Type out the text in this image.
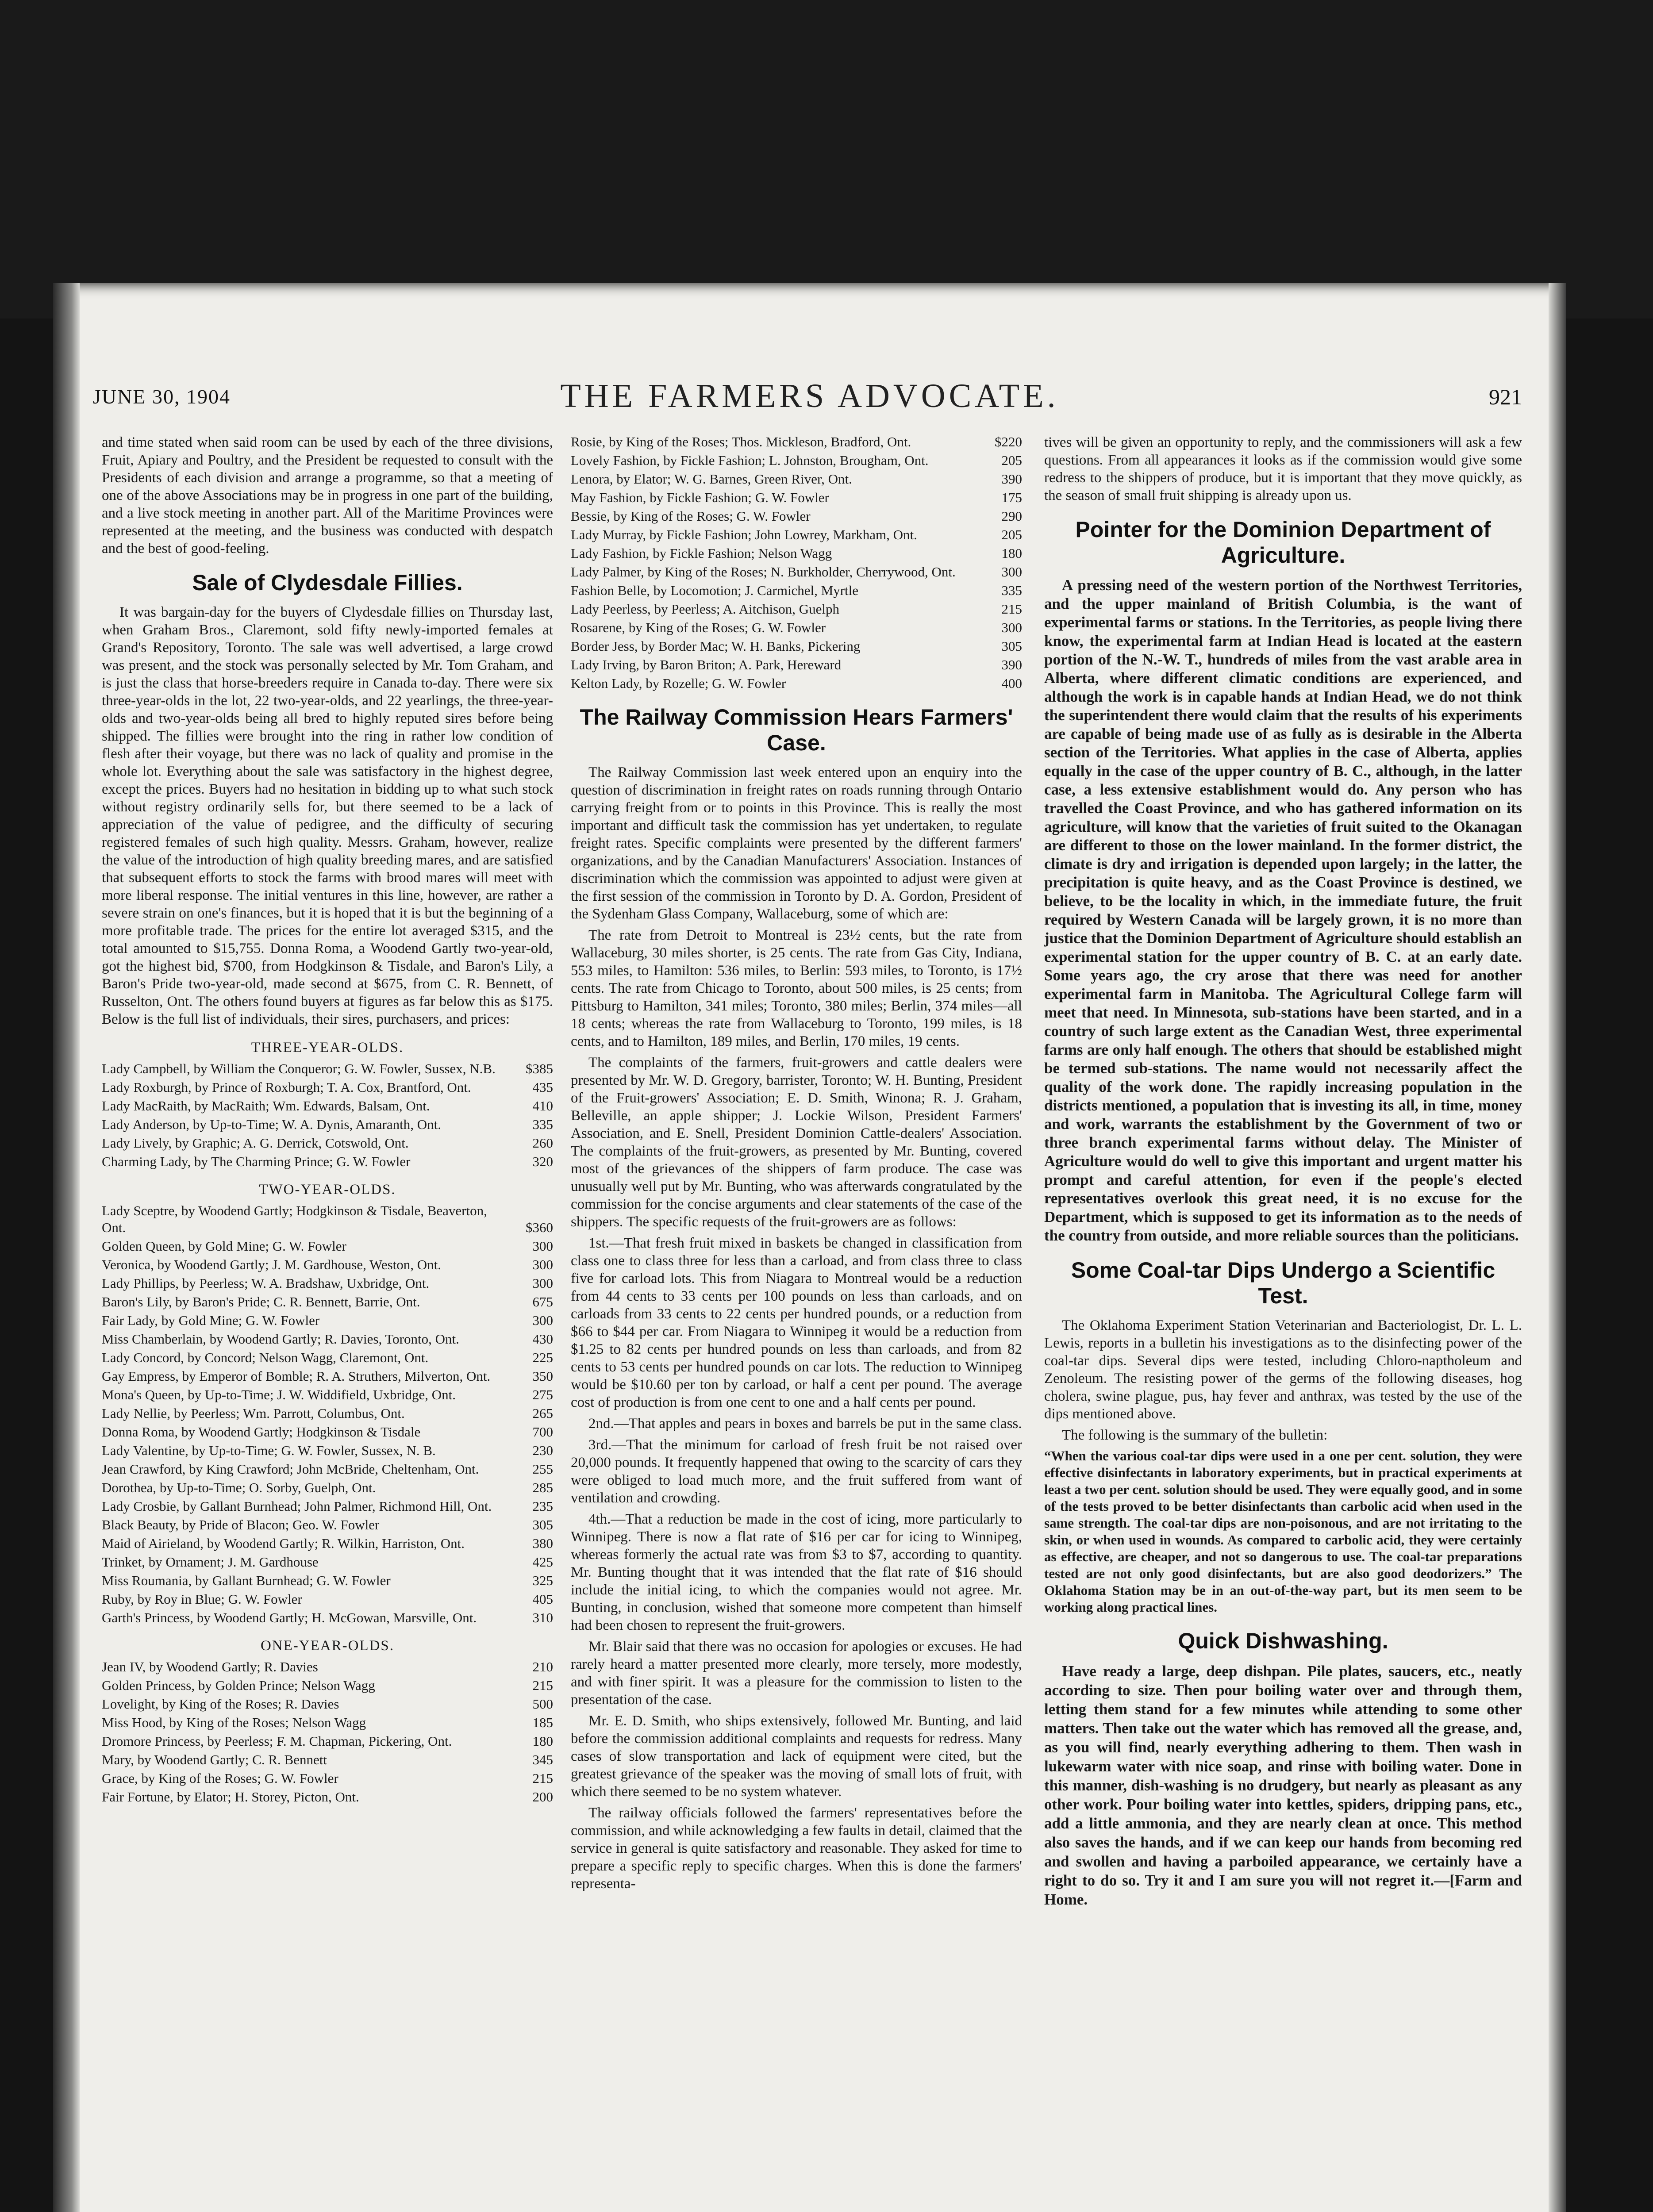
JUNE 30, 1904	THE FARMERS ADVOCATE.	921

and time stated when said room can be used by each of the three divisions, Fruit, Apiary and Poultry, and the President be requested to consult with the Presidents of each division and arrange a programme, so that a meeting of one of the above Associations may be in progress in one part of the building, and a live stock meeting in another part. All of the Maritime Provinces were represented at the meeting, and the business was conducted with despatch and the best of good-feeling.

Sale of Clydesdale Fillies.

It was bargain-day for the buyers of Clydesdale fillies on Thursday last, when Graham Bros., Claremont, sold fifty newly-imported females at Grand's Repository, Toronto. The sale was well advertised, a large crowd was present, and the stock was personally selected by Mr. Tom Graham, and is just the class that horse-breeders require in Canada to-day. There were six three-year-olds in the lot, 22 two-year-olds, and 22 yearlings, the three-year-olds and two-year-olds being all bred to highly reputed sires before being shipped. The fillies were brought into the ring in rather low condition of flesh after their voyage, but there was no lack of quality and promise in the whole lot. Everything about the sale was satisfactory in the highest degree, except the prices. Buyers had no hesitation in bidding up to what such stock without registry ordinarily sells for, but there seemed to be a lack of appreciation of the value of pedigree, and the difficulty of securing registered females of such high quality. Messrs. Graham, however, realize the value of the introduction of high quality breeding mares, and are satisfied that subsequent efforts to stock the farms with brood mares will meet with more liberal response. The initial ventures in this line, however, are rather a severe strain on one's finances, but it is hoped that it is but the beginning of a more profitable trade. The prices for the entire lot averaged $315, and the total amounted to $15,755. Donna Roma, a Woodend Gartly two-year-old, got the highest bid, $700, from Hodgkinson & Tisdale, and Baron's Lily, a Baron's Pride two-year-old, made second at $675, from C. R. Bennett, of Russelton, Ont. The others found buyers at figures as far below this as $175. Below is the full list of individuals, their sires, purchasers, and prices:

THREE-YEAR-OLDS.
Lady Campbell, by William the Conqueror; G. W. Fowler, Sussex, N.B.	$385
Lady Roxburgh, by Prince of Roxburgh; T. A. Cox, Brantford, Ont.	435
Lady MacRaith, by MacRaith; Wm. Edwards, Balsam, Ont.	410
Lady Anderson, by Up-to-Time; W. A. Dynis, Amaranth, Ont.	335
Lady Lively, by Graphic; A. G. Derrick, Cotswold, Ont.	260
Charming Lady, by The Charming Prince; G. W. Fowler	320
TWO-YEAR-OLDS.
Lady Sceptre, by Woodend Gartly; Hodgkinson & Tisdale, Beaverton, Ont.	$360
Golden Queen, by Gold Mine; G. W. Fowler	300
Veronica, by Woodend Gartly; J. M. Gardhouse, Weston, Ont.	300
Lady Phillips, by Peerless; W. A. Bradshaw, Uxbridge, Ont.	300
Baron's Lily, by Baron's Pride; C. R. Bennett, Barrie, Ont.	675
Fair Lady, by Gold Mine; G. W. Fowler	300
Miss Chamberlain, by Woodend Gartly; R. Davies, Toronto, Ont.	430
Lady Concord, by Concord; Nelson Wagg, Claremont, Ont.	225
Gay Empress, by Emperor of Bomble; R. A. Struthers, Milverton, Ont.	350
Mona's Queen, by Up-to-Time; J. W. Widdifield, Uxbridge, Ont.	275
Lady Nellie, by Peerless; Wm. Parrott, Columbus, Ont.	265
Donna Roma, by Woodend Gartly; Hodgkinson & Tisdale	700
Lady Valentine, by Up-to-Time; G. W. Fowler, Sussex, N. B.	230
Jean Crawford, by King Crawford; John McBride, Cheltenham, Ont.	255
Dorothea, by Up-to-Time; O. Sorby, Guelph, Ont.	285
Lady Crosbie, by Gallant Burnhead; John Palmer, Richmond Hill, Ont.	235
Black Beauty, by Pride of Blacon; Geo. W. Fowler	305
Maid of Airieland, by Woodend Gartly; R. Wilkin, Harriston, Ont.	380
Trinket, by Ornament; J. M. Gardhouse	425
Miss Roumania, by Gallant Burnhead; G. W. Fowler	325
Ruby, by Roy in Blue; G. W. Fowler	405
Garth's Princess, by Woodend Gartly; H. McGowan, Marsville, Ont.	310
ONE-YEAR-OLDS.
Jean IV, by Woodend Gartly; R. Davies	210
Golden Princess, by Golden Prince; Nelson Wagg	215
Lovelight, by King of the Roses; R. Davies	500
Miss Hood, by King of the Roses; Nelson Wagg	185
Dromore Princess, by Peerless; F. M. Chapman, Pickering, Ont.	180
Mary, by Woodend Gartly; C. R. Bennett	345
Grace, by King of the Roses; G. W. Fowler	215
Fair Fortune, by Elator; H. Storey, Picton, Ont.	200
Rosie, by King of the Roses; Thos. Mickleson, Bradford, Ont.	$220
Lovely Fashion, by Fickle Fashion; L. Johnston, Brougham, Ont.	205
Lenora, by Elator; W. G. Barnes, Green River, Ont.	390
May Fashion, by Fickle Fashion; G. W. Fowler	175
Bessie, by King of the Roses; G. W. Fowler	290
Lady Murray, by Fickle Fashion; John Lowrey, Markham, Ont.	205
Lady Fashion, by Fickle Fashion; Nelson Wagg	180
Lady Palmer, by King of the Roses; N. Burkholder, Cherrywood, Ont.	300
Fashion Belle, by Locomotion; J. Carmichel, Myrtle	335
Lady Peerless, by Peerless; A. Aitchison, Guelph	215
Rosarene, by King of the Roses; G. W. Fowler	300
Border Jess, by Border Mac; W. H. Banks, Pickering	305
Lady Irving, by Baron Briton; A. Park, Hereward	390
Kelton Lady, by Rozelle; G. W. Fowler	400
The Railway Commission Hears Farmers' Case.

The Railway Commission last week entered upon an enquiry into the question of discrimination in freight rates on roads running through Ontario carrying freight from or to points in this Province. This is really the most important and difficult task the commission has yet undertaken, to regulate freight rates. Specific complaints were presented by the different farmers' organizations, and by the Canadian Manufacturers' Association. Instances of discrimination which the commission was appointed to adjust were given at the first session of the commission in Toronto by D. A. Gordon, President of the Sydenham Glass Company, Wallaceburg, some of which are:

The rate from Detroit to Montreal is 23½ cents, but the rate from Wallaceburg, 30 miles shorter, is 25 cents. The rate from Gas City, Indiana, 553 miles, to Hamilton: 536 miles, to Berlin: 593 miles, to Toronto, is 17½ cents. The rate from Chicago to Toronto, about 500 miles, is 25 cents; from Pittsburg to Hamilton, 341 miles; Toronto, 380 miles; Berlin, 374 miles—all 18 cents; whereas the rate from Wallaceburg to Toronto, 199 miles, is 18 cents, and to Hamilton, 189 miles, and Berlin, 170 miles, 19 cents.

The complaints of the farmers, fruit-growers and cattle dealers were presented by Mr. W. D. Gregory, barrister, Toronto; W. H. Bunting, President of the Fruit-growers' Association; E. D. Smith, Winona; R. J. Graham, Belleville, an apple shipper; J. Lockie Wilson, President Farmers' Association, and E. Snell, President Dominion Cattle-dealers' Association. The complaints of the fruit-growers, as presented by Mr. Bunting, covered most of the grievances of the shippers of farm produce. The case was unusually well put by Mr. Bunting, who was afterwards congratulated by the commission for the concise arguments and clear statements of the case of the shippers. The specific requests of the fruit-growers are as follows:

1st.—That fresh fruit mixed in baskets be changed in classification from class one to class three for less than a carload, and from class three to class five for carload lots. This from Niagara to Montreal would be a reduction from 44 cents to 33 cents per 100 pounds on less than carloads, and on carloads from 33 cents to 22 cents per hundred pounds, or a reduction from $66 to $44 per car. From Niagara to Winnipeg it would be a reduction from $1.25 to 82 cents per hundred pounds on less than carloads, and from 82 cents to 53 cents per hundred pounds on car lots. The reduction to Winnipeg would be $10.60 per ton by carload, or half a cent per pound. The average cost of production is from one cent to one and a half cents per pound.

2nd.—That apples and pears in boxes and barrels be put in the same class.

3rd.—That the minimum for carload of fresh fruit be not raised over 20,000 pounds. It frequently happened that owing to the scarcity of cars they were obliged to load much more, and the fruit suffered from want of ventilation and crowding.

4th.—That a reduction be made in the cost of icing, more particularly to Winnipeg. There is now a flat rate of $16 per car for icing to Winnipeg, whereas formerly the actual rate was from $3 to $7, according to quantity. Mr. Bunting thought that it was intended that the flat rate of $16 should include the initial icing, to which the companies would not agree. Mr. Bunting, in conclusion, wished that someone more competent than himself had been chosen to represent the fruit-growers.

Mr. Blair said that there was no occasion for apologies or excuses. He had rarely heard a matter presented more clearly, more tersely, more modestly, and with finer spirit. It was a pleasure for the commission to listen to the presentation of the case.

Mr. E. D. Smith, who ships extensively, followed Mr. Bunting, and laid before the commission additional complaints and requests for redress. Many cases of slow transportation and lack of equipment were cited, but the greatest grievance of the speaker was the moving of small lots of fruit, with which there seemed to be no system whatever.

The railway officials followed the farmers' representatives before the commission, and while acknowledging a few faults in detail, claimed that the service in general is quite satisfactory and reasonable. They asked for time to prepare a specific reply to specific charges. When this is done the farmers' representa-

tives will be given an opportunity to reply, and the commissioners will ask a few questions. From all appearances it looks as if the commission would give some redress to the shippers of produce, but it is important that they move quickly, as the season of small fruit shipping is already upon us.

Pointer for the Dominion Department of Agriculture.

A pressing need of the western portion of the Northwest Territories, and the upper mainland of British Columbia, is the want of experimental farms or stations. In the Territories, as people living there know, the experimental farm at Indian Head is located at the eastern portion of the N.-W. T., hundreds of miles from the vast arable area in Alberta, where different climatic conditions are experienced, and although the work is in capable hands at Indian Head, we do not think the superintendent there would claim that the results of his experiments are capable of being made use of as fully as is desirable in the Alberta section of the Territories. What applies in the case of Alberta, applies equally in the case of the upper country of B. C., although, in the latter case, a less extensive establishment would do. Any person who has travelled the Coast Province, and who has gathered information on its agriculture, will know that the varieties of fruit suited to the Okanagan are different to those on the lower mainland. In the former district, the climate is dry and irrigation is depended upon largely; in the latter, the precipitation is quite heavy, and as the Coast Province is destined, we believe, to be the locality in which, in the immediate future, the fruit required by Western Canada will be largely grown, it is no more than justice that the Dominion Department of Agriculture should establish an experimental station for the upper country of B. C. at an early date. Some years ago, the cry arose that there was need for another experimental farm in Manitoba. The Agricultural College farm will meet that need. In Minnesota, sub-stations have been started, and in a country of such large extent as the Canadian West, three experimental farms are only half enough. The others that should be established might be termed sub-stations. The name would not necessarily affect the quality of the work done. The rapidly increasing population in the districts mentioned, a population that is investing its all, in time, money and work, warrants the establishment by the Government of two or three branch experimental farms without delay. The Minister of Agriculture would do well to give this important and urgent matter his prompt and careful attention, for even if the people's elected representatives overlook this great need, it is no excuse for the Department, which is supposed to get its information as to the needs of the country from outside, and more reliable sources than the politicians.

Some Coal-tar Dips Undergo a Scientific Test.

The Oklahoma Experiment Station Veterinarian and Bacteriologist, Dr. L. L. Lewis, reports in a bulletin his investigations as to the disinfecting power of the coal-tar dips. Several dips were tested, including Chloro-naptholeum and Zenoleum. The resisting power of the germs of the following diseases, hog cholera, swine plague, pus, hay fever and anthrax, was tested by the use of the dips mentioned above.

The following is the summary of the bulletin:

“When the various coal-tar dips were used in a one per cent. solution, they were effective disinfectants in laboratory experiments, but in practical experiments at least a two per cent. solution should be used. They were equally good, and in some of the tests proved to be better disinfectants than carbolic acid when used in the same strength. The coal-tar dips are non-poisonous, and are not irritating to the skin, or when used in wounds. As compared to carbolic acid, they were certainly as effective, are cheaper, and not so dangerous to use. The coal-tar preparations tested are not only good disinfectants, but are also good deodorizers.” The Oklahoma Station may be in an out-of-the-way part, but its men seem to be working along practical lines.
Quick Dishwashing.

Have ready a large, deep dishpan. Pile plates, saucers, etc., neatly according to size. Then pour boiling water over and through them, letting them stand for a few minutes while attending to some other matters. Then take out the water which has removed all the grease, and, as you will find, nearly everything adhering to them. Then wash in lukewarm water with nice soap, and rinse with boiling water. Done in this manner, dish-washing is no drudgery, but nearly as pleasant as any other work. Pour boiling water into kettles, spiders, dripping pans, etc., add a little ammonia, and they are nearly clean at once. This method also saves the hands, and if we can keep our hands from becoming red and swollen and having a parboiled appearance, we certainly have a right to do so. Try it and I am sure you will not regret it.—[Farm and Home.
